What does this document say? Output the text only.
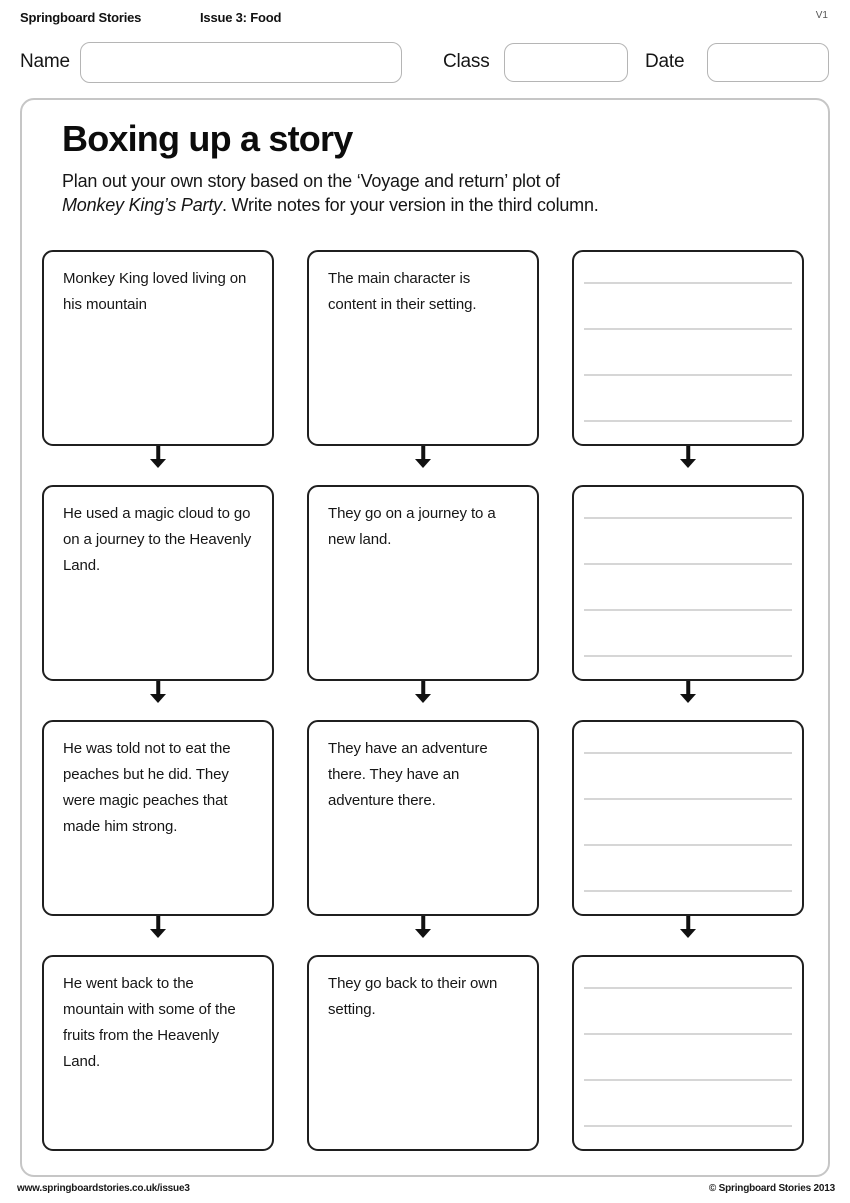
Springboard Stories	Issue 3: Food	V1
Name	Class	Date
Boxing up a story

Plan out your own story based on the ‘Voyage and return’ plot of
Monkey King’s Party. Write notes for your version in the third column.

Monkey King loved living on his mountain
The main character is content in their setting.
He used a magic cloud to go on a journey to the Heavenly Land.
They go on a journey to a new land.
He was told not to eat the peaches but he did. They were magic peaches that made him strong.
They have an adventure there. They have an adventure there.
He went back to the mountain with some of the fruits from the Heavenly Land.
They go back to their own setting.
www.springboardstories.co.uk/issue3	© Springboard Stories 2013
